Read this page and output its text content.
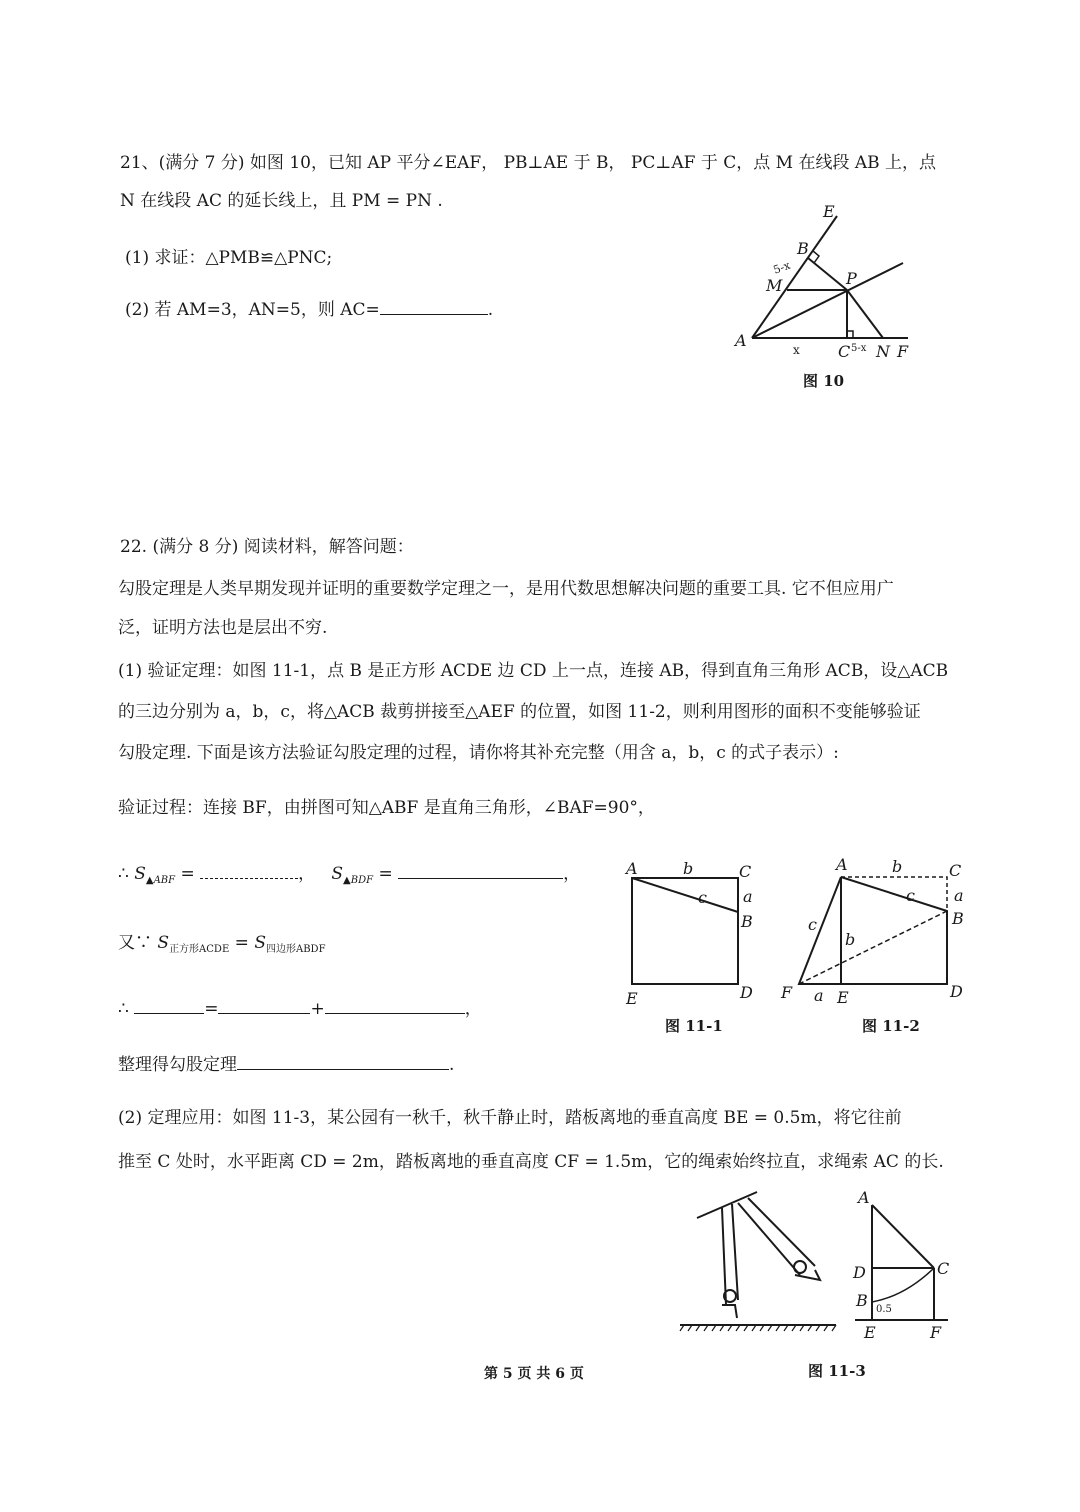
21、(满分 7 分) 如图 10，已知 AP 平分∠EAF， PB⊥AE 于 B， PC⊥AF 于 C，点 M 在线段 AB 上，点

N 在线段 AC 的延长线上，且 PM = PN .

(1) 求证：△PMB≌△PNC;

(2) 若 AM=3，AN=5，则 AC=	.

E
B
M	P
A
C N F
5-x
x	5-x
图 10

22. (满分 8 分) 阅读材料，解答问题：

勾股定理是人类早期发现并证明的重要数学定理之一，是用代数思想解决问题的重要工具. 它不但应用广

泛，证明方法也是层出不穷.

(1) 验证定理：如图 11-1，点 B 是正方形 ACDE 边 CD 上一点，连接 AB，得到直角三角形 ACB，设△ACB

的三边分别为 a，b，c，将△ACB 裁剪拼接至△AEF 的位置，如图 11-2，则利用图形的面积不变能够验证

勾股定理. 下面是该方法验证勾股定理的过程，请你将其补充完整（用含 a，b，c 的式子表示）:

验证过程：连接 BF，由拼图可知△ABF 是直角三角形，∠BAF=90°，

∴ $S_{▲ABF}$ =	， $S_{▲BDF}$ =	，

又∵ $S_{正方形ACDE} = S_{四边形ABDF}$

∴	=	+	，

整理得勾股定理	.

(2) 定理应用：如图 11-3，某公园有一秋千，秋千静止时，踏板离地的垂直高度 BE = 0.5m，将它往前

推至 C 处时，水平距离 CD = 2m，踏板离地的垂直高度 CF = 1.5m，它的绳索始终拉直，求绳索 AC 的长.

A	b	C
c a
B
E	D
图 11-1
A	b	C
c a
B
c
b
F a E	D
图 11-2
A
D	C
B 0.5
E	F
图 11-3
第 5 页 共 6 页
